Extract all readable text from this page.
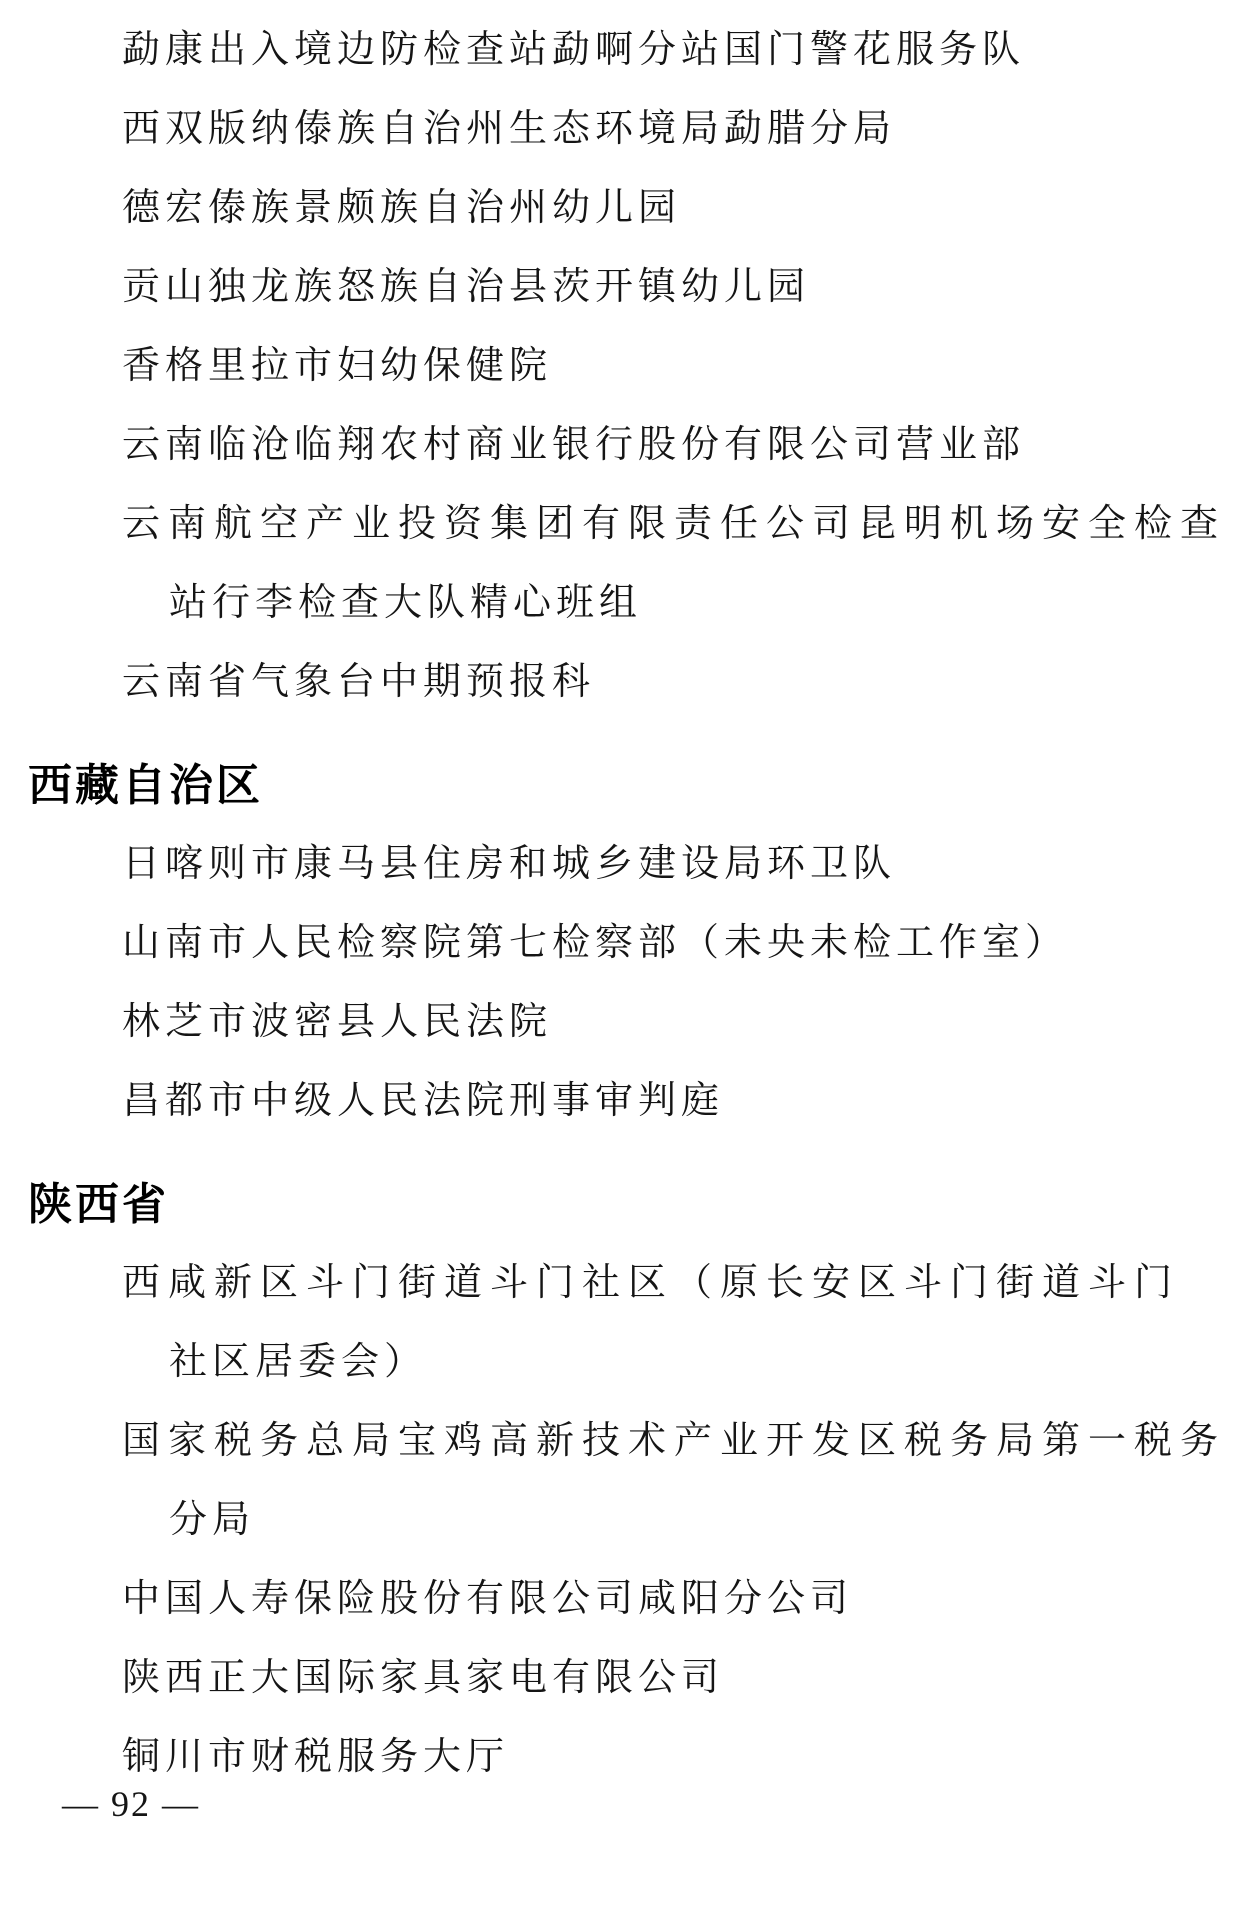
勐康出入境边防检查站勐啊分站国门警花服务队
西双版纳傣族自治州生态环境局勐腊分局
德宏傣族景颇族自治州幼儿园
贡山独龙族怒族自治县茨开镇幼儿园
香格里拉市妇幼保健院
云南临沧临翔农村商业银行股份有限公司营业部
云南航空产业投资集团有限责任公司昆明机场安全检查
站行李检查大队精心班组
云南省气象台中期预报科
西藏自治区
日喀则市康马县住房和城乡建设局环卫队
山南市人民检察院第七检察部（未央未检工作室）
林芝市波密县人民法院
昌都市中级人民法院刑事审判庭
陕西省
西咸新区斗门街道斗门社区（原长安区斗门街道斗门
社区居委会）
国家税务总局宝鸡高新技术产业开发区税务局第一税务
分局
中国人寿保险股份有限公司咸阳分公司
陕西正大国际家具家电有限公司
铜川市财税服务大厅
— 92 —
